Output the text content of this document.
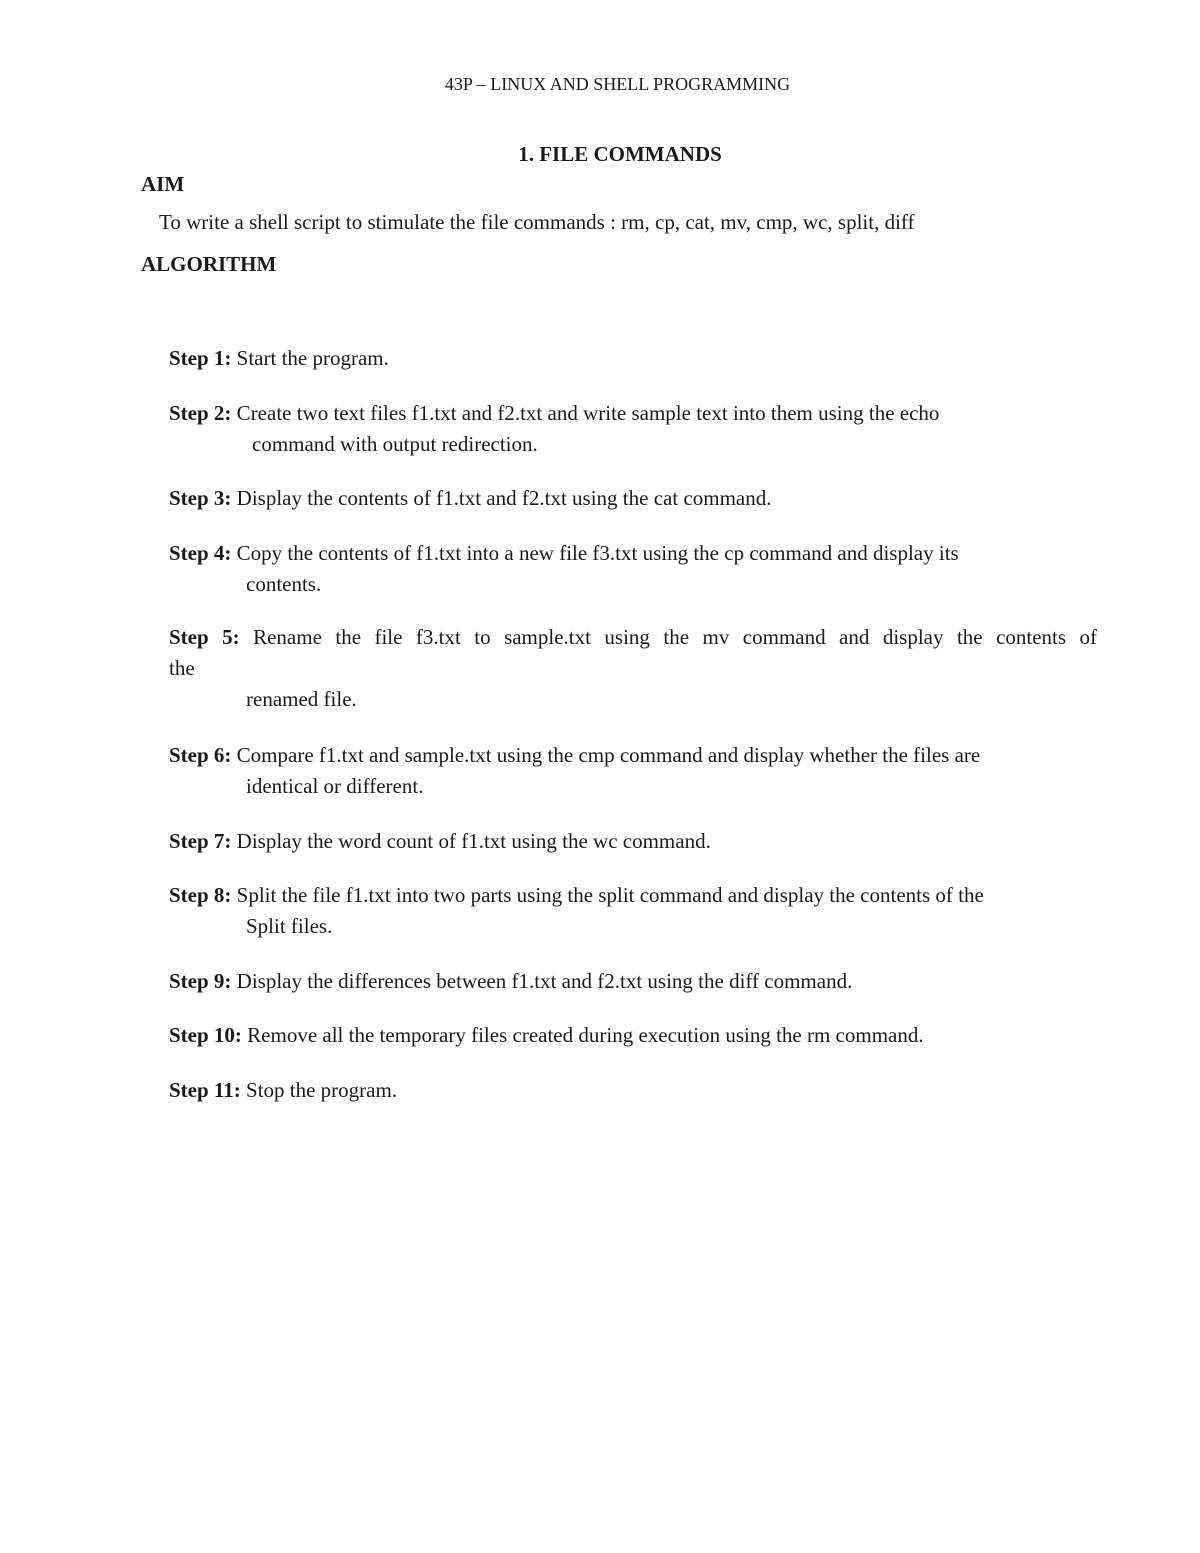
43P – LINUX AND SHELL PROGRAMMING
1. FILE COMMANDS
AIM
To write a shell script to stimulate the file commands : rm, cp, cat, mv, cmp, wc, split, diff
ALGORITHM
Step 1: Start the program.
Step 2: Create two text files f1.txt and f2.txt and write sample text into them using the echo
command with output redirection.
Step 3: Display the contents of f1.txt and f2.txt using the cat command.
Step 4: Copy the contents of f1.txt into a new file f3.txt using the cp command and display its
contents.
Step 5: Rename the file f3.txt to sample.txt using the mv command and display the contents of
the
renamed file.
Step 6: Compare f1.txt and sample.txt using the cmp command and display whether the files are
identical or different.
Step 7: Display the word count of f1.txt using the wc command.
Step 8: Split the file f1.txt into two parts using the split command and display the contents of the
Split files.
Step 9: Display the differences between f1.txt and f2.txt using the diff command.
Step 10: Remove all the temporary files created during execution using the rm command.
Step 11: Stop the program.
